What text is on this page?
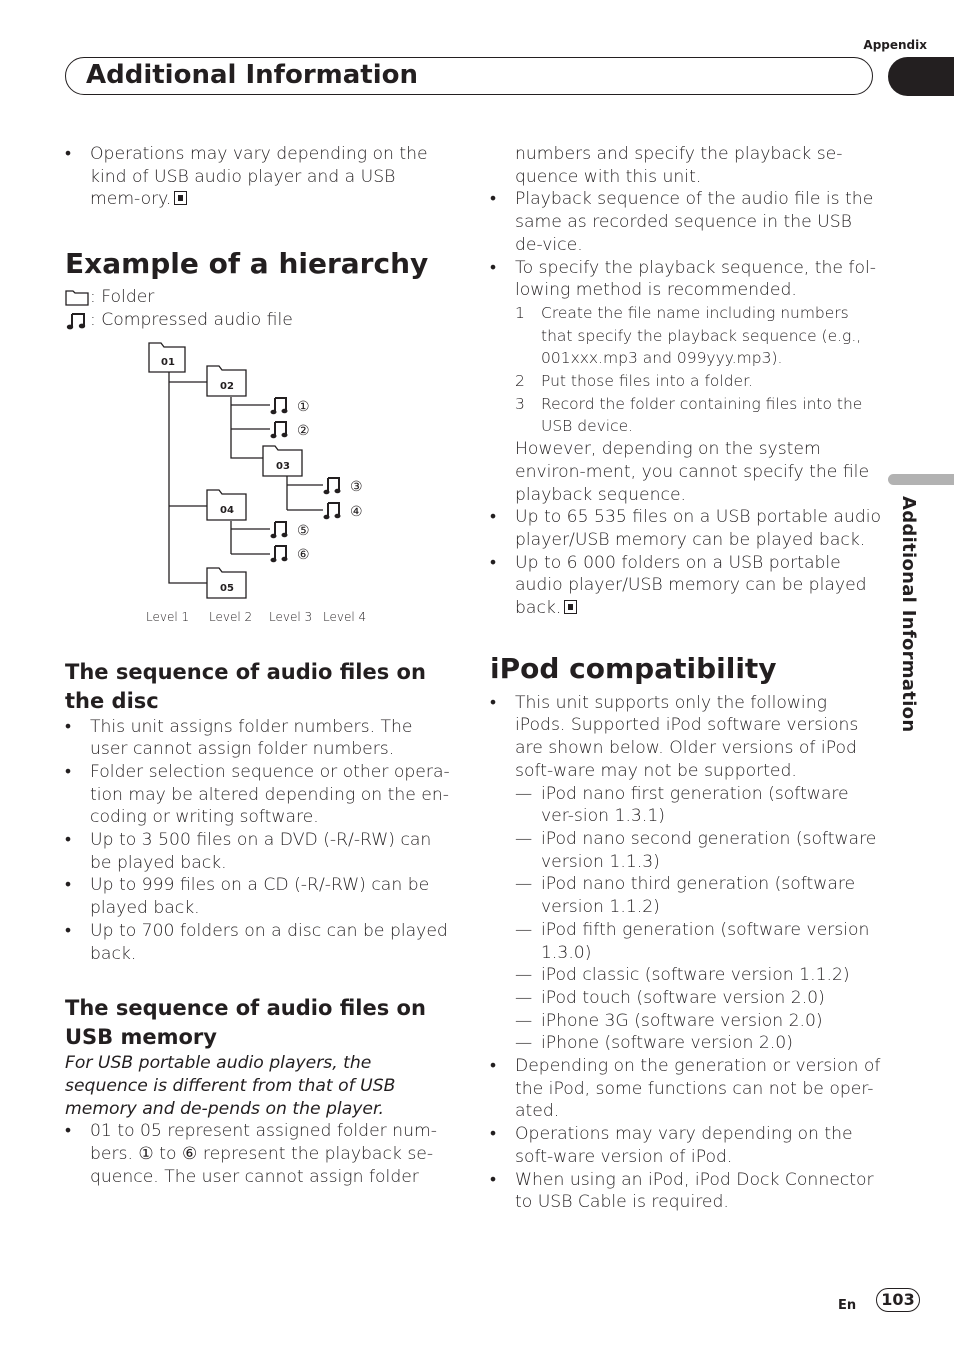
Appendix
Additional Information
Additional Information

• Operations may vary depending on the kind of USB audio player and a USB mem-ory.

Example of a hierarchy

: Folder

: Compressed audio file

01
02
03
04
05
①
②
③
④
⑤
⑥
Level 1 Level 2 Level 3 Level 4
The sequence of audio files on the disc

• This unit assigns folder numbers. The user cannot assign folder numbers.

• Folder selection sequence or other opera-tion may be altered depending on the en-coding or writing software.

• Up to 3 500 files on a DVD (-R/-RW) can be played back.

• Up to 999 files on a CD (-R/-RW) can be played back.

• Up to 700 folders on a disc can be played back.

The sequence of audio files on USB memory

For USB portable audio players, the sequence is different from that of USB memory and de-pends on the player.

• 01 to 05 represent assigned folder num-bers. ① to ⑥ represent the playback se-quence. The user cannot assign folder

numbers and specify the playback se-quence with this unit.

• Playback sequence of the audio file is the same as recorded sequence in the USB de-vice.

• To specify the playback sequence, the fol-lowing method is recommended.

1 Create the file name including numbers that specify the playback sequence (e.g., 001xxx.mp3 and 099yyy.mp3).

2 Put those files into a folder.

3 Record the folder containing files into the USB device.

However, depending on the system environ-ment, you cannot specify the file playback sequence.

• Up to 65 535 files on a USB portable audio player/USB memory can be played back.

• Up to 6 000 folders on a USB portable audio player/USB memory can be played back.

iPod compatibility

• This unit supports only the following iPods. Supported iPod software versions are shown below. Older versions of iPod soft-ware may not be supported.

— iPod nano first generation (software ver-sion 1.3.1)

— iPod nano second generation (software version 1.1.3)

— iPod nano third generation (software version 1.1.2)

— iPod fifth generation (software version 1.3.0)

— iPod classic (software version 1.1.2)

— iPod touch (software version 2.0)

— iPhone 3G (software version 2.0)

— iPhone (software version 2.0)

• Depending on the generation or version of the iPod, some functions can not be oper-ated.

• Operations may vary depending on the soft-ware version of iPod.

• When using an iPod, iPod Dock Connector to USB Cable is required.

En	103
